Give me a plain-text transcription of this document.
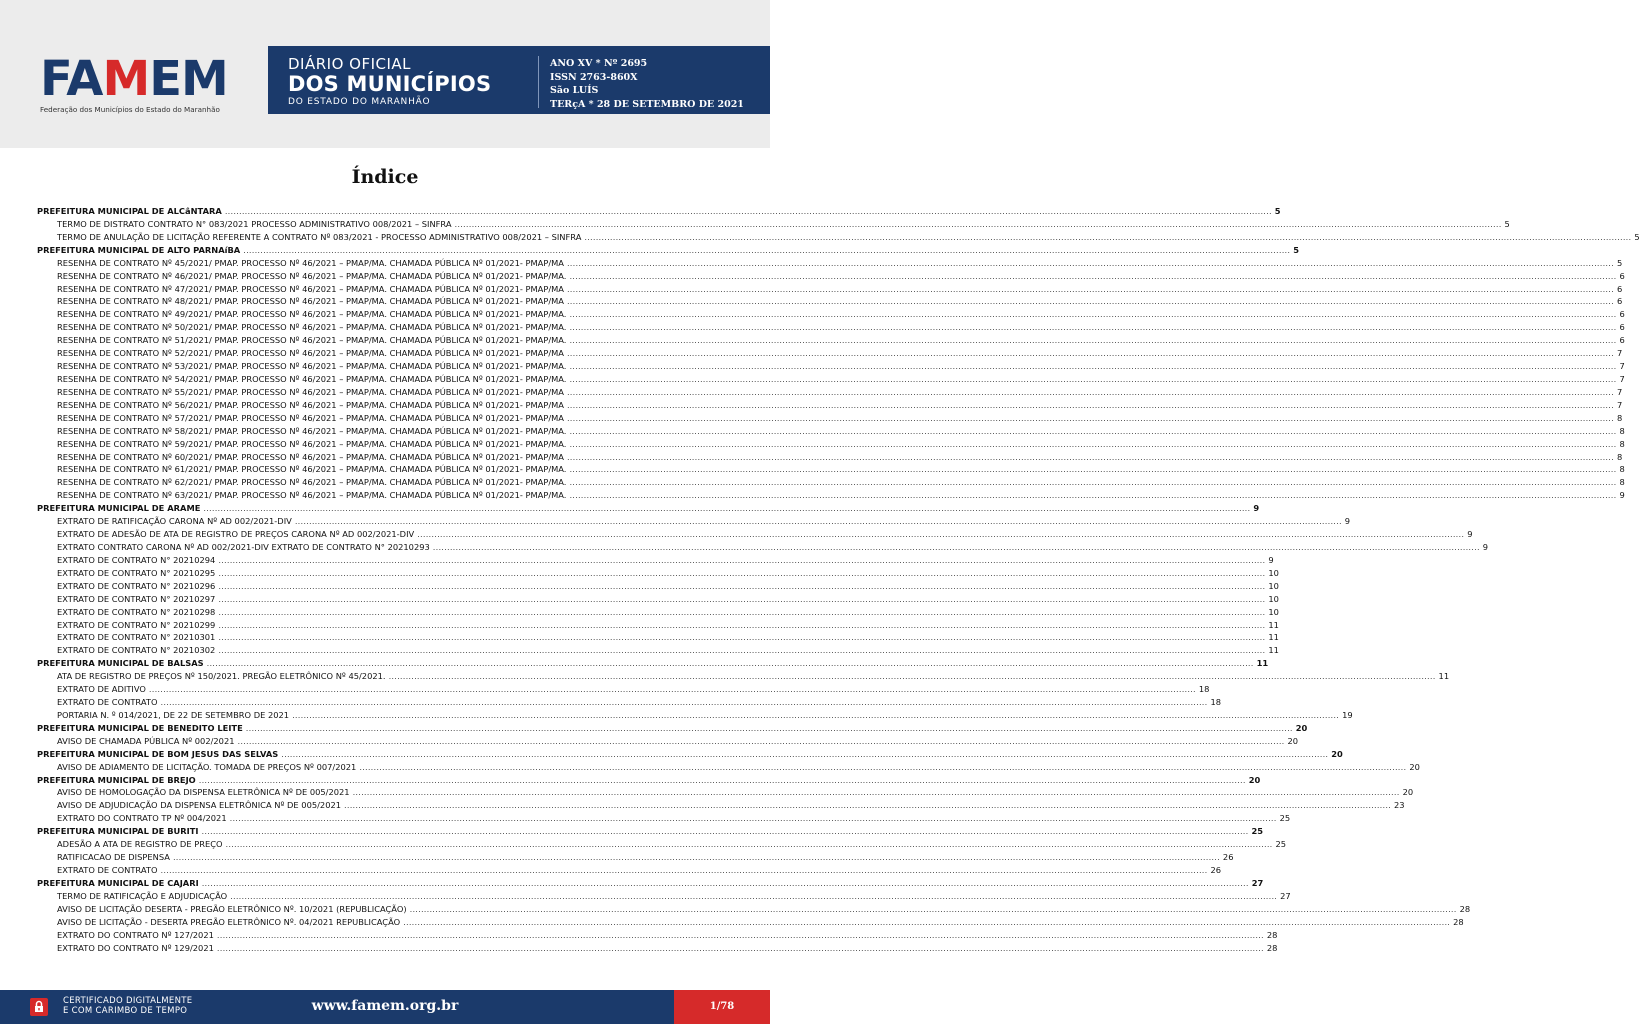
FAMEM
Federação dos Municípios do Estado do Maranhão
DIÁRIO OFICIAL
DOS MUNICÍPIOS
DO ESTADO DO MARANHÃO
ANO XV * Nº 2695
ISSN 2763-860X
São LUÍS
TERçA * 28 DE SETEMBRO DE 2021
Índice
PREFEITURA MUNICIPAL DE ALCâNTARA .....	5
TERMO DE DISTRATO CONTRATO N° 083/2021 PROCESSO ADMINISTRATIVO 008/2021 – SINFRA .....	5
TERMO DE ANULAÇÃO DE LICITAÇÃO REFERENTE A CONTRATO Nº 083/2021 - PROCESSO ADMINISTRATIVO 008/2021 – SINFRA .....	5
PREFEITURA MUNICIPAL DE ALTO PARNAíBA .....	5
RESENHA DE CONTRATO Nº 45/2021/ PMAP. PROCESSO Nº 46/2021 – PMAP/MA. CHAMADA PÚBLICA Nº 01/2021- PMAP/MA .....	5
RESENHA DE CONTRATO Nº 46/2021/ PMAP. PROCESSO Nº 46/2021 – PMAP/MA. CHAMADA PÚBLICA Nº 01/2021- PMAP/MA. .....	6
RESENHA DE CONTRATO Nº 47/2021/ PMAP. PROCESSO Nº 46/2021 – PMAP/MA. CHAMADA PÚBLICA Nº 01/2021- PMAP/MA .....	6
RESENHA DE CONTRATO Nº 48/2021/ PMAP. PROCESSO Nº 46/2021 – PMAP/MA. CHAMADA PÚBLICA Nº 01/2021- PMAP/MA .....	6
RESENHA DE CONTRATO Nº 49/2021/ PMAP. PROCESSO Nº 46/2021 – PMAP/MA. CHAMADA PÚBLICA Nº 01/2021- PMAP/MA. .....	6
RESENHA DE CONTRATO Nº 50/2021/ PMAP. PROCESSO Nº 46/2021 – PMAP/MA. CHAMADA PÚBLICA Nº 01/2021- PMAP/MA. .....	6
RESENHA DE CONTRATO Nº 51/2021/ PMAP. PROCESSO Nº 46/2021 – PMAP/MA. CHAMADA PÚBLICA Nº 01/2021- PMAP/MA. .....	6
RESENHA DE CONTRATO Nº 52/2021/ PMAP. PROCESSO Nº 46/2021 – PMAP/MA. CHAMADA PÚBLICA Nº 01/2021- PMAP/MA .....	7
RESENHA DE CONTRATO Nº 53/2021/ PMAP. PROCESSO Nº 46/2021 – PMAP/MA. CHAMADA PÚBLICA Nº 01/2021- PMAP/MA. .....	7
RESENHA DE CONTRATO Nº 54/2021/ PMAP. PROCESSO Nº 46/2021 – PMAP/MA. CHAMADA PÚBLICA Nº 01/2021- PMAP/MA. .....	7
RESENHA DE CONTRATO Nº 55/2021/ PMAP. PROCESSO Nº 46/2021 – PMAP/MA. CHAMADA PÚBLICA Nº 01/2021- PMAP/MA .....	7
RESENHA DE CONTRATO Nº 56/2021/ PMAP. PROCESSO Nº 46/2021 – PMAP/MA. CHAMADA PÚBLICA Nº 01/2021- PMAP/MA .....	7
RESENHA DE CONTRATO Nº 57/2021/ PMAP. PROCESSO Nº 46/2021 – PMAP/MA. CHAMADA PÚBLICA Nº 01/2021- PMAP/MA .....	8
RESENHA DE CONTRATO Nº 58/2021/ PMAP. PROCESSO Nº 46/2021 – PMAP/MA. CHAMADA PÚBLICA Nº 01/2021- PMAP/MA. .....	8
RESENHA DE CONTRATO Nº 59/2021/ PMAP. PROCESSO Nº 46/2021 – PMAP/MA. CHAMADA PÚBLICA Nº 01/2021- PMAP/MA. .....	8
RESENHA DE CONTRATO Nº 60/2021/ PMAP. PROCESSO Nº 46/2021 – PMAP/MA. CHAMADA PÚBLICA Nº 01/2021- PMAP/MA .....	8
RESENHA DE CONTRATO Nº 61/2021/ PMAP. PROCESSO Nº 46/2021 – PMAP/MA. CHAMADA PÚBLICA Nº 01/2021- PMAP/MA. .....	8
RESENHA DE CONTRATO Nº 62/2021/ PMAP. PROCESSO Nº 46/2021 – PMAP/MA. CHAMADA PÚBLICA Nº 01/2021- PMAP/MA. .....	8
RESENHA DE CONTRATO Nº 63/2021/ PMAP. PROCESSO Nº 46/2021 – PMAP/MA. CHAMADA PÚBLICA Nº 01/2021- PMAP/MA. .....	9
PREFEITURA MUNICIPAL DE ARAME .....	9
EXTRATO DE RATIFICAÇÃO CARONA Nº AD 002/2021-DIV .....	9
EXTRATO DE ADESÃO DE ATA DE REGISTRO DE PREÇOS CARONA Nº AD 002/2021-DIV .....	9
EXTRATO CONTRATO CARONA Nº AD 002/2021-DIV EXTRATO DE CONTRATO N° 20210293 .....	9
EXTRATO DE CONTRATO N° 20210294 .....	9
EXTRATO DE CONTRATO N° 20210295 .....	10
EXTRATO DE CONTRATO N° 20210296 .....	10
EXTRATO DE CONTRATO N° 20210297 .....	10
EXTRATO DE CONTRATO N° 20210298 .....	10
EXTRATO DE CONTRATO N° 20210299 .....	11
EXTRATO DE CONTRATO N° 20210301 .....	11
EXTRATO DE CONTRATO N° 20210302 .....	11
PREFEITURA MUNICIPAL DE BALSAS .....	11
ATA DE REGISTRO DE PREÇOS Nº 150/2021. PREGÃO ELETRÔNICO Nº 45/2021. .....	11
EXTRATO DE ADITIVO .....	18
EXTRATO DE CONTRATO .....	18
PORTARIA N. º 014/2021, DE 22 DE SETEMBRO DE 2021 .....	19
PREFEITURA MUNICIPAL DE BENEDITO LEITE .....	20
AVISO DE CHAMADA PÚBLICA Nº 002/2021 .....	20
PREFEITURA MUNICIPAL DE BOM JESUS DAS SELVAS .....	20
AVISO DE ADIAMENTO DE LICITAÇÃO. TOMADA DE PREÇOS Nº 007/2021 .....	20
PREFEITURA MUNICIPAL DE BREJO .....	20
AVISO DE HOMOLOGAÇÃO DA DISPENSA ELETRÔNICA Nº DE 005/2021 .....	20
AVISO DE ADJUDICAÇÃO DA DISPENSA ELETRÔNICA Nº DE 005/2021 .....	23
EXTRATO DO CONTRATO TP Nº 004/2021 .....	25
PREFEITURA MUNICIPAL DE BURITI .....	25
ADESÃO A ATA DE REGISTRO DE PREÇO .....	25
RATIFICACAO DE DISPENSA .....	26
EXTRATO DE CONTRATO .....	26
PREFEITURA MUNICIPAL DE CAJARI .....	27
TERMO DE RATIFICAÇÃO E ADJUDICAÇÃO .....	27
AVISO DE LICITAÇÃO DESERTA - PREGÃO ELETRÔNICO Nº. 10/2021 (REPUBLICAÇÃO) .....	28
AVISO DE LICITAÇÃO - DESERTA PREGÃO ELETRÔNICO Nº. 04/2021 REPUBLICAÇÃO .....	28
EXTRATO DO CONTRATO Nº 127/2021 .....	28
EXTRATO DO CONTRATO Nº 129/2021 .....	28
CERTIFICADO DIGITALMENTE
E COM CARIMBO DE TEMPO	www.famem.org.br	1/78
